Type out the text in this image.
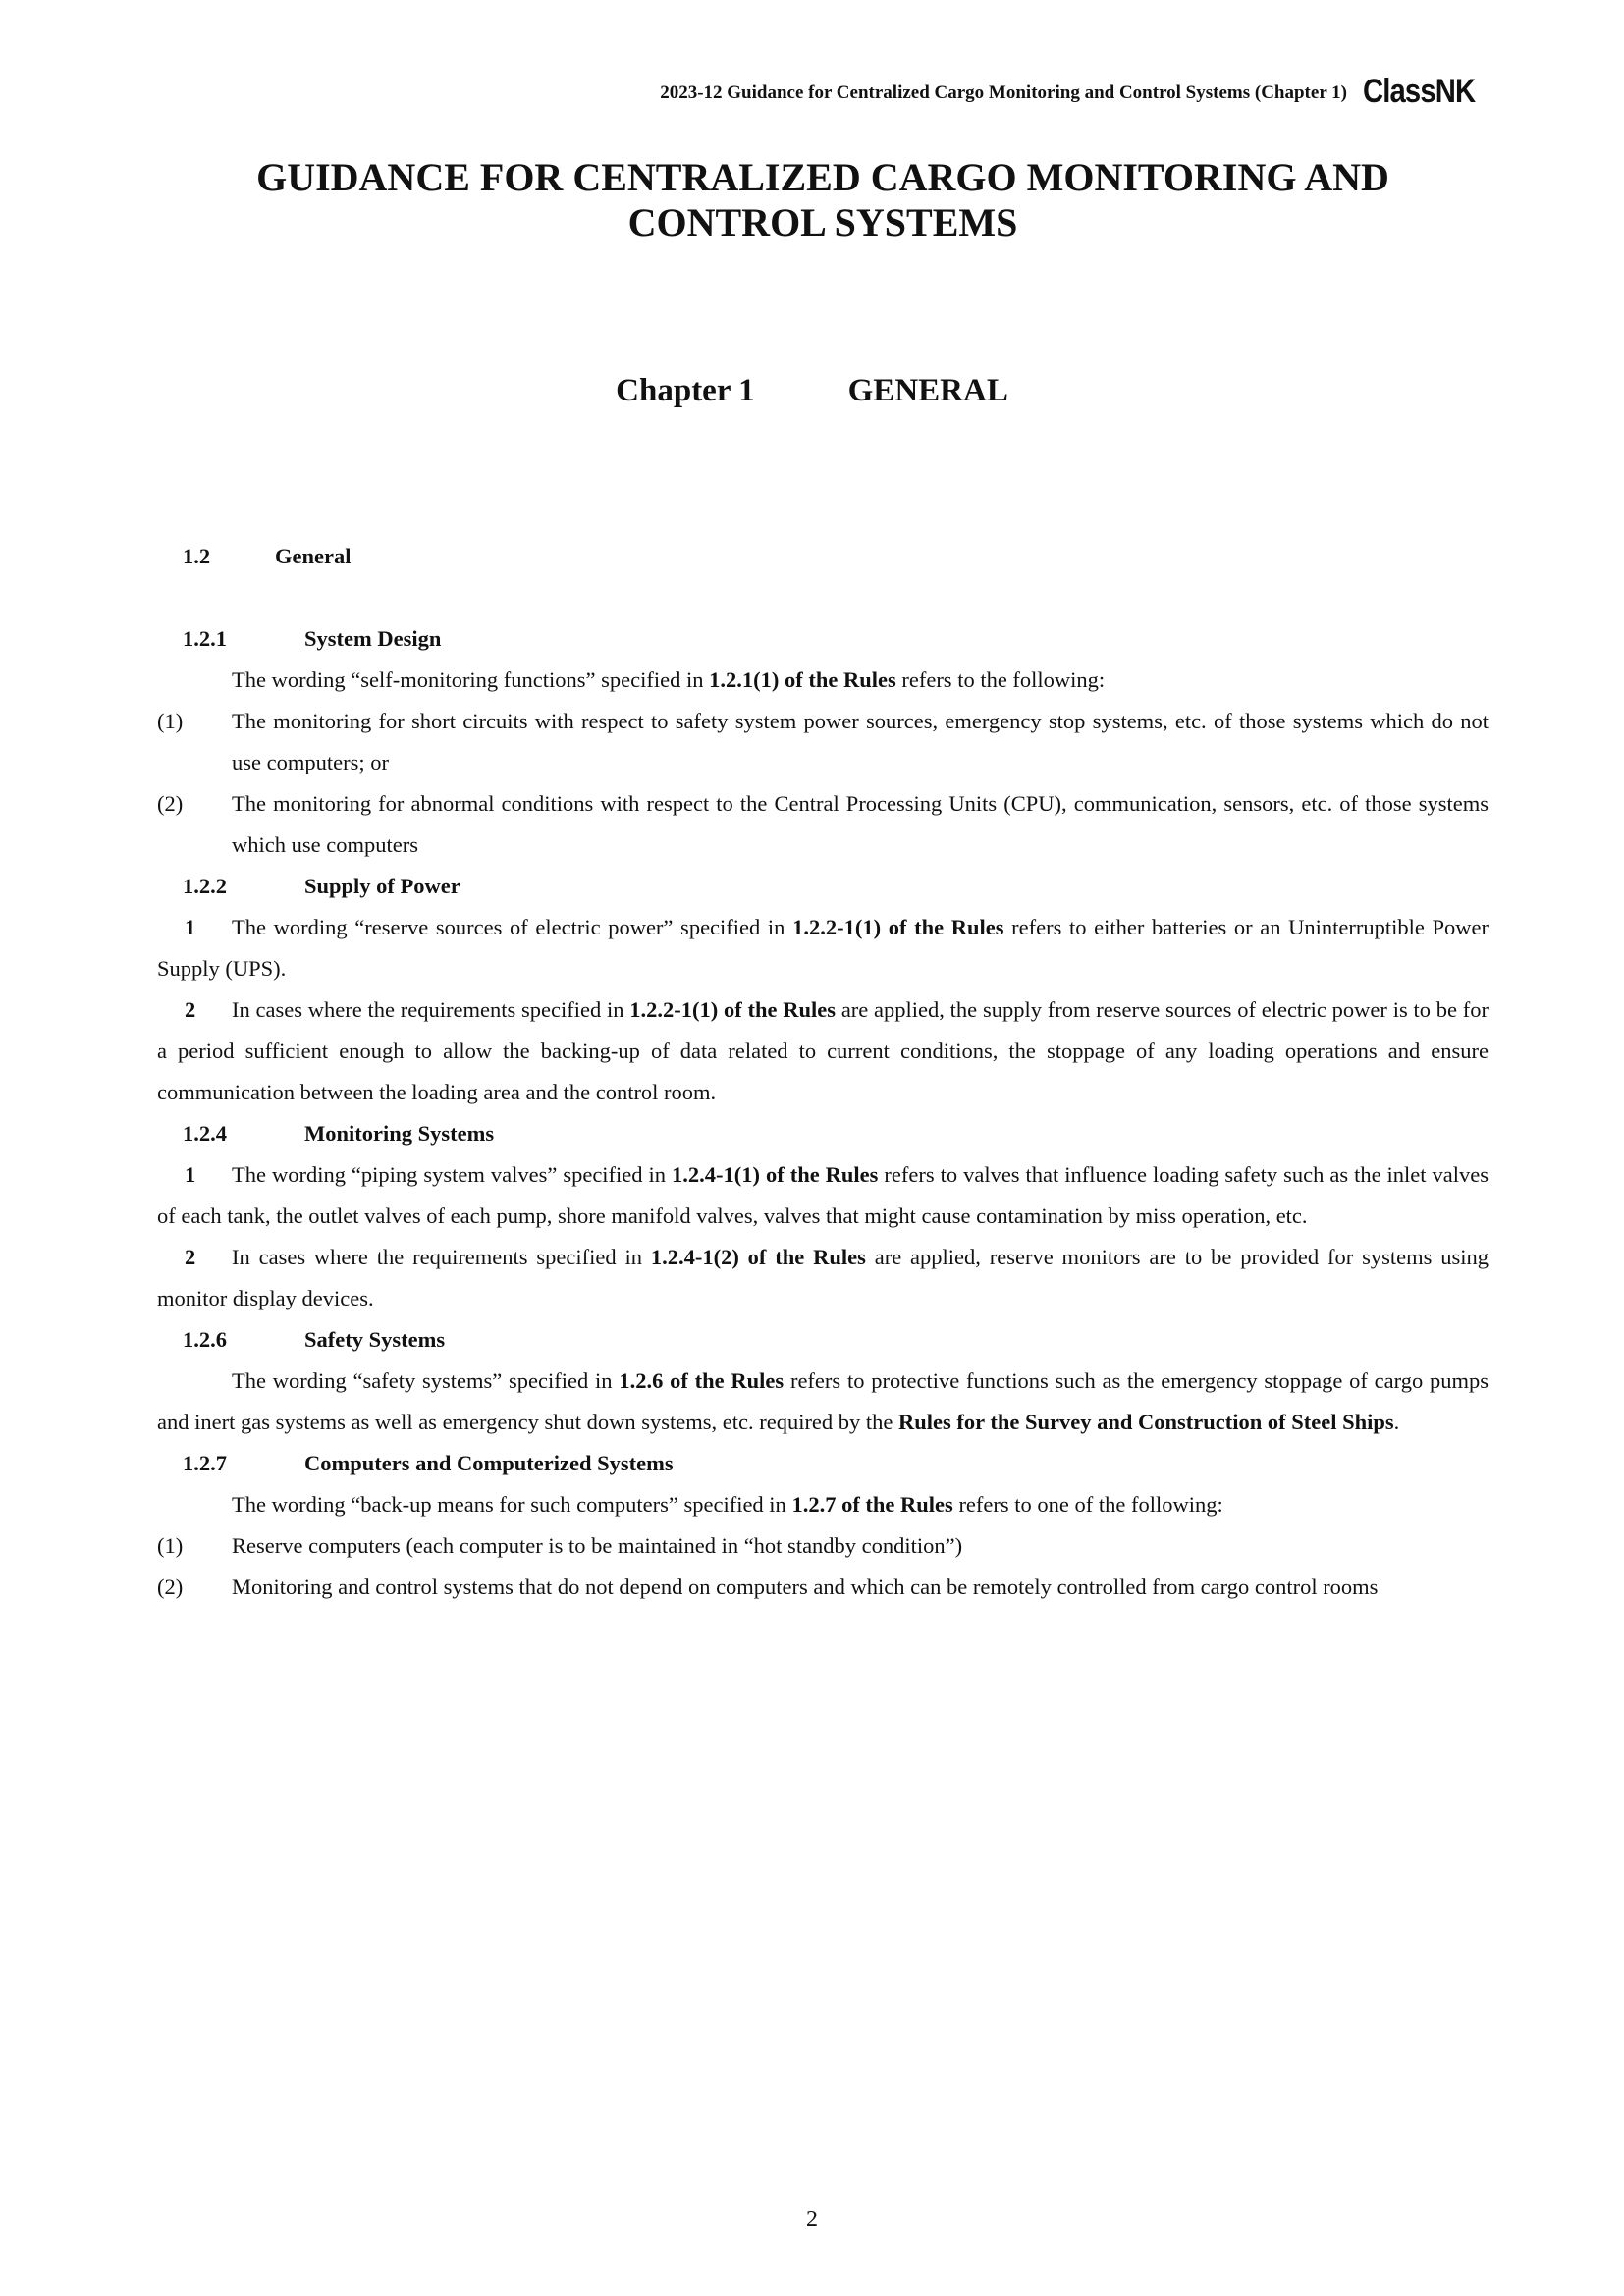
2023-12 Guidance for Centralized Cargo Monitoring and Control Systems (Chapter 1) ClassNK
GUIDANCE FOR CENTRALIZED CARGO MONITORING AND CONTROL SYSTEMS
Chapter 1	GENERAL

1.2	General

1.2.1	System Design

The wording “self-monitoring functions” specified in 1.2.1(1) of the Rules refers to the following:

(1) The monitoring for short circuits with respect to safety system power sources, emergency stop systems, etc. of those systems which do not use computers; or

(2) The monitoring for abnormal conditions with respect to the Central Processing Units (CPU), communication, sensors, etc. of those systems which use computers

1.2.2	Supply of Power

1 The wording “reserve sources of electric power” specified in 1.2.2-1(1) of the Rules refers to either batteries or an Uninterruptible Power Supply (UPS).

2 In cases where the requirements specified in 1.2.2-1(1) of the Rules are applied, the supply from reserve sources of electric power is to be for a period sufficient enough to allow the backing-up of data related to current conditions, the stoppage of any loading operations and ensure communication between the loading area and the control room.

1.2.4	Monitoring Systems

1 The wording “piping system valves” specified in 1.2.4-1(1) of the Rules refers to valves that influence loading safety such as the inlet valves of each tank, the outlet valves of each pump, shore manifold valves, valves that might cause contamination by miss operation, etc.

2 In cases where the requirements specified in 1.2.4-1(2) of the Rules are applied, reserve monitors are to be provided for systems using monitor display devices.

1.2.6	Safety Systems

The wording “safety systems” specified in 1.2.6 of the Rules refers to protective functions such as the emergency stoppage of cargo pumps and inert gas systems as well as emergency shut down systems, etc. required by the Rules for the Survey and Construction of Steel Ships.

1.2.7	Computers and Computerized Systems

The wording “back-up means for such computers” specified in 1.2.7 of the Rules refers to one of the following:

(1) Reserve computers (each computer is to be maintained in “hot standby condition”)

(2) Monitoring and control systems that do not depend on computers and which can be remotely controlled from cargo control rooms

2
